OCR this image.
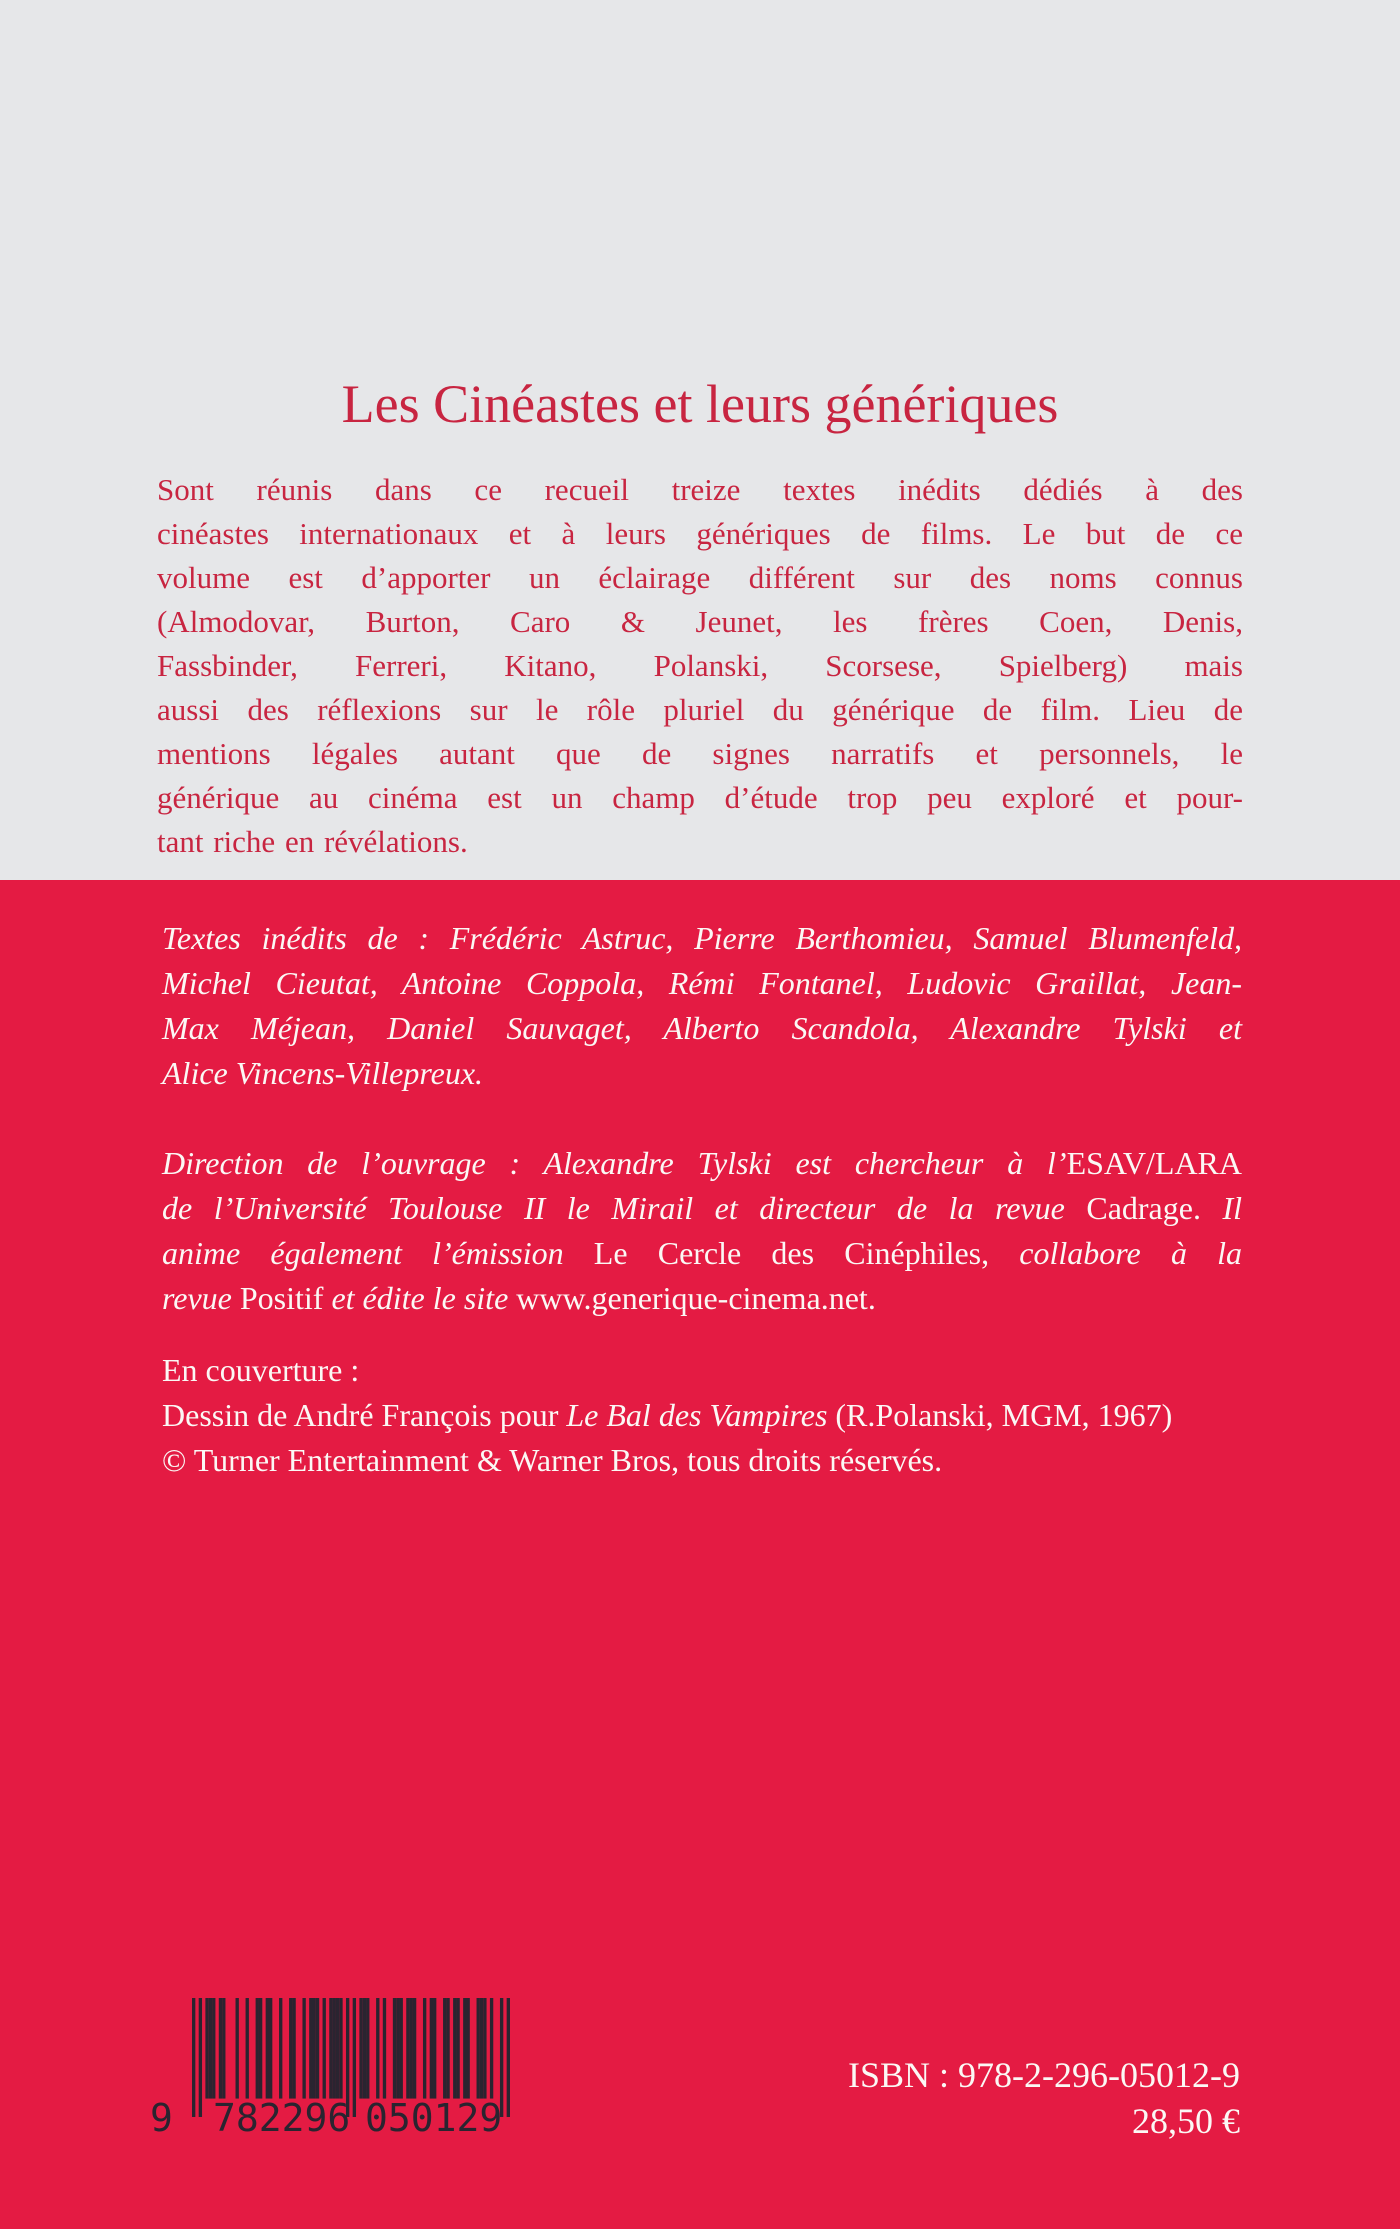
Les Cinéastes et leurs génériques
Sont réunis dans ce recueil treize textes inédits dédiés à des
cinéastes internationaux et à leurs génériques de films. Le but de ce
volume est d’apporter un éclairage différent sur des noms connus
(Almodovar, Burton, Caro & Jeunet, les frères Coen, Denis,
Fassbinder, Ferreri, Kitano, Polanski, Scorsese, Spielberg) mais
aussi des réflexions sur le rôle pluriel du générique de film. Lieu de
mentions légales autant que de signes narratifs et personnels, le
générique au cinéma est un champ d’étude trop peu exploré et pour-
tant riche en révélations.
Textes inédits de : Frédéric Astruc, Pierre Berthomieu, Samuel Blumenfeld,
Michel Cieutat, Antoine Coppola, Rémi Fontanel, Ludovic Graillat, Jean-
Max Méjean, Daniel Sauvaget, Alberto Scandola, Alexandre Tylski et
Alice Vincens-Villepreux.
Direction de l’ouvrage : Alexandre Tylski est chercheur à l’ESAV/LARA
de l’Université Toulouse II le Mirail et directeur de la revue Cadrage. Il
anime également l’émission Le Cercle des Cinéphiles, collabore à la
revue Positif et édite le site www.generique-cinema.net.
En couverture :
Dessin de André François pour Le Bal des Vampires (R.Polanski, MGM, 1967)
© Turner Entertainment & Warner Bros, tous droits réservés.
9 782296 050129
ISBN : 978-2-296-05012-9
28,50 €
